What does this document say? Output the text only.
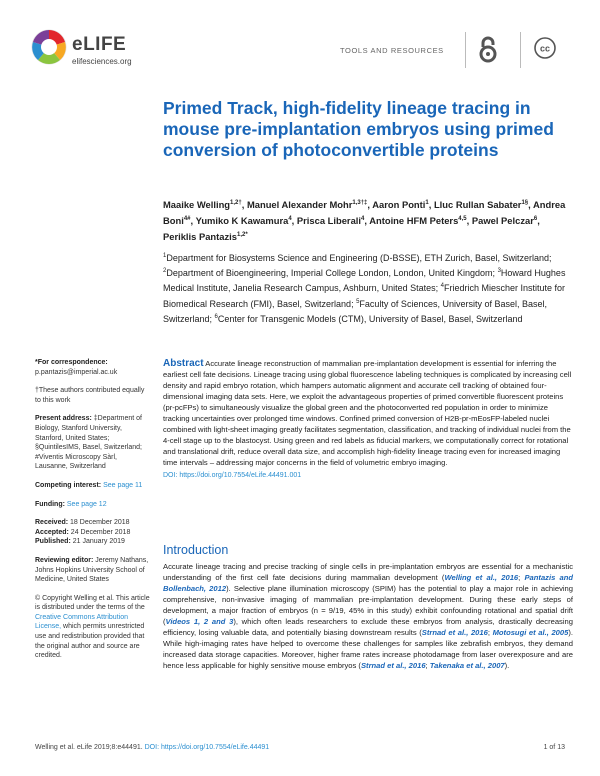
eLIFE
elifesciences.org
TOOLS AND RESOURCES	cc
Primed Track, high-fidelity lineage tracing in mouse pre-implantation embryos using primed conversion of photoconvertible proteins
Maaike Welling$^{1,2\dagger}$, Manuel Alexander Mohr$^{1,3\dagger\ddagger}$, Aaron Ponti$^1$, Lluc Rullan Sabater$^{1\S}$, Andrea Boni$^{4\#}$, Yumiko K Kawamura$^4$, Prisca Liberali$^4$, Antoine HFM Peters$^{4,5}$, Pawel Pelczar$^6$, Periklis Pantazis$^{1,2*}$
$^1$Department for Biosystems Science and Engineering (D-BSSE), ETH Zurich, Basel, Switzerland; $^2$Department of Bioengineering, Imperial College London, London, United Kingdom; $^3$Howard Hughes Medical Institute, Janelia Research Campus, Ashburn, United States; $^4$Friedrich Miescher Institute for Biomedical Research (FMI), Basel, Switzerland; $^5$Faculty of Sciences, University of Basel, Basel, Switzerland; $^6$Center for Transgenic Models (CTM), University of Basel, Basel, Switzerland
*For correspondence:
p.pantazis@imperial.ac.uk
†These authors contributed equally to this work
Present address: ‡Department of Biology, Stanford University, Stanford, United States; §QuintilesIMS, Basel, Switzerland; #Viventis Microscopy Sàrl, Lausanne, Switzerland
Competing interest: See page 11
Funding: See page 12
Received: 18 December 2018
Accepted: 24 December 2018
Published: 21 January 2019
Reviewing editor: Jeremy Nathans, Johns Hopkins University School of Medicine, United States
© Copyright Welling et al. This article is distributed under the terms of the Creative Commons Attribution License, which permits unrestricted use and redistribution provided that the original author and source are credited.
Abstract Accurate lineage reconstruction of mammalian pre-implantation development is essential for inferring the earliest cell fate decisions. Lineage tracing using global fluorescence labeling techniques is complicated by increasing cell density and rapid embryo rotation, which hampers automatic alignment and accurate cell tracking of obtained four-dimensional imaging data sets. Here, we exploit the advantageous properties of primed convertible fluorescent proteins (pr-pcFPs) to simultaneously visualize the global green and the photoconverted red population in order to minimize tracking uncertainties over prolonged time windows. Confined primed conversion of H2B-pr-mEosFP-labeled nuclei combined with light-sheet imaging greatly facilitates segmentation, classification, and tracking of individual nuclei from the 4-cell stage up to the blastocyst. Using green and red labels as fiducial markers, we computationally correct for rotational and translational drift, reduce overall data size, and accomplish high-fidelity lineage tracing even for increased imaging time intervals – addressing major concerns in the field of volumetric embryo imaging.
DOI: https://doi.org/10.7554/eLife.44491.001
Introduction

Accurate lineage tracing and precise tracking of single cells in pre-implantation embryos are essential for a mechanistic understanding of the first cell fate decisions during mammalian development (Welling et al., 2016; Pantazis and Bollenbach, 2012). Selective plane illumination microscopy (SPIM) has the potential to play a major role in achieving comprehensive, non-invasive imaging of mammalian pre-implantation development. During these early steps of development, a major fraction of embryos (n = 9/19, 45% in this study) exhibit confounding rotational and spatial drift (Videos 1, 2 and 3), which often leads researchers to exclude these embryos from analysis, drastically decreasing efficiency, losing valuable data, and potentially biasing downstream results (Strnad et al., 2016; Motosugi et al., 2005). While high-imaging rates have helped to overcome these challenges for samples like zebrafish embryos, they demand increased data storage capacities. Moreover, higher frame rates increase photodamage from laser overexposure and are hence less applicable for highly sensitive mouse embryos (Strnad et al., 2016; Takenaka et al., 2007).

Welling et al. eLife 2019;8:e44491. DOI: https://doi.org/10.7554/eLife.44491	1 of 13
